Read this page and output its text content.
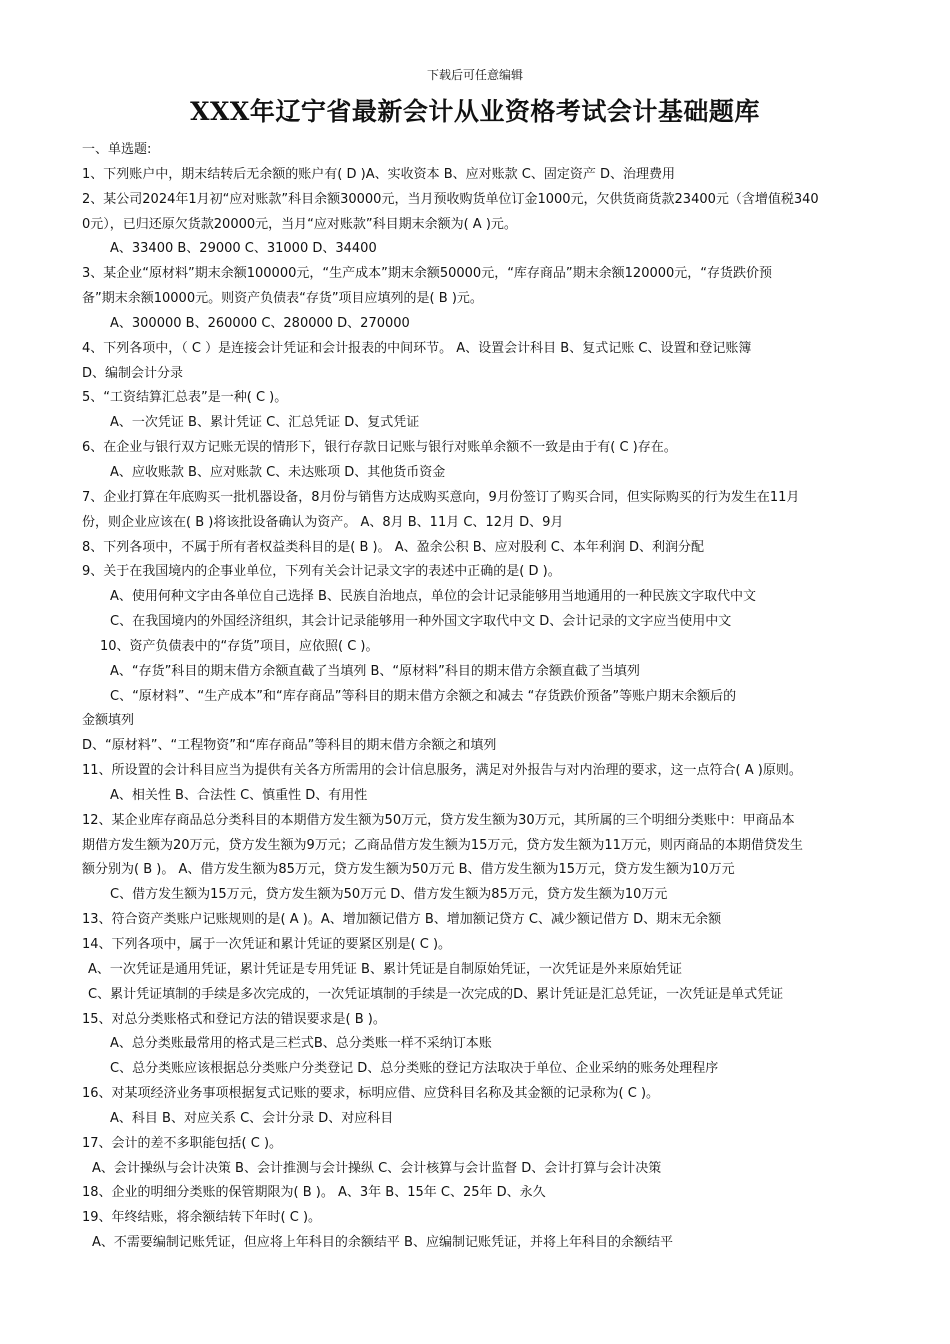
下载后可任意编辑
XXX年辽宁省最新会计从业资格考试会计基础题库
一、单选题:
1、下列账户中，期末结转后无余额的账户有( D )A、实收资本 B、应对账款 C、固定资产 D、治理费用
2、某公司2024年1月初“应对账款”科目余额30000元，当月预收购货单位订金1000元，欠供货商货款23400元（含增值税340
0元），已归还原欠货款20000元，当月“应对账款”科目期末余额为( A )元。
A、33400 B、29000 C、31000 D、34400
3、某企业“原材料”期末余额100000元，“生产成本”期末余额50000元，“库存商品”期末余额120000元，“存货跌价预
备”期末余额10000元。则资产负债表“存货”项目应填列的是( B )元。
A、300000 B、260000 C、280000 D、270000
4、下列各项中，（ C ）是连接会计凭证和会计报表的中间环节。 A、设置会计科目 B、复式记账 C、设置和登记账簿
D、编制会计分录
5、“工资结算汇总表”是一种( C )。
A、一次凭证 B、累计凭证 C、汇总凭证 D、复式凭证
6、在企业与银行双方记账无误的情形下，银行存款日记账与银行对账单余额不一致是由于有( C )存在。
A、应收账款 B、应对账款 C、未达账项 D、其他货币资金
7、企业打算在年底购买一批机器设备，8月份与销售方达成购买意向，9月份签订了购买合同，但实际购买的行为发生在11月
份，则企业应该在( B )将该批设备确认为资产。 A、8月 B、11月 C、12月 D、9月
8、下列各项中，不属于所有者权益类科目的是( B )。 A、盈余公积 B、应对股利 C、本年利润 D、利润分配
9、关于在我国境内的企事业单位，下列有关会计记录文字的表述中正确的是( D )。
A、使用何种文字由各单位自己选择 B、民族自治地点，单位的会计记录能够用当地通用的一种民族文字取代中文
C、在我国境内的外国经济组织，其会计记录能够用一种外国文字取代中文 D、会计记录的文字应当使用中文
10、资产负债表中的“存货”项目，应依照( C )。
A、“存货”科目的期末借方余额直截了当填列 B、“原材料”科目的期末借方余额直截了当填列
C、“原材料”、“生产成本”和“库存商品”等科目的期末借方余额之和减去 “存货跌价预备”等账户期末余额后的
金额填列
D、“原材料”、“工程物资”和“库存商品”等科目的期末借方余额之和填列
11、所设置的会计科目应当为提供有关各方所需用的会计信息服务，满足对外报告与对内治理的要求，这一点符合( A )原则。
A、相关性 B、合法性 C、慎重性 D、有用性
12、某企业库存商品总分类科目的本期借方发生额为50万元，贷方发生额为30万元，其所属的三个明细分类账中：甲商品本
期借方发生额为20万元，贷方发生额为9万元；乙商品借方发生额为15万元，贷方发生额为11万元，则丙商品的本期借贷发生
额分别为( B )。 A、借方发生额为85万元，贷方发生额为50万元 B、借方发生额为15万元，贷方发生额为10万元
C、借方发生额为15万元，贷方发生额为50万元 D、借方发生额为85万元，贷方发生额为10万元
13、符合资产类账户记账规则的是( A )。A、增加额记借方 B、增加额记贷方 C、减少额记借方 D、期末无余额
14、下列各项中，属于一次凭证和累计凭证的要紧区别是( C )。
A、一次凭证是通用凭证，累计凭证是专用凭证 B、累计凭证是自制原始凭证，一次凭证是外来原始凭证
C、累计凭证填制的手续是多次完成的，一次凭证填制的手续是一次完成的D、累计凭证是汇总凭证，一次凭证是单式凭证
15、对总分类账格式和登记方法的错误要求是( B )。
A、总分类账最常用的格式是三栏式B、总分类账一样不采纳订本账
C、总分类账应该根据总分类账户分类登记 D、总分类账的登记方法取决于单位、企业采纳的账务处理程序
16、对某项经济业务事项根据复式记账的要求，标明应借、应贷科目名称及其金额的记录称为( C )。
A、科目 B、对应关系 C、会计分录 D、对应科目
17、会计的差不多职能包括( C )。
A、会计操纵与会计决策 B、会计推测与会计操纵 C、会计核算与会计监督 D、会计打算与会计决策
18、企业的明细分类账的保管期限为( B )。 A、3年 B、15年 C、25年 D、永久
19、年终结账，将余额结转下年时( C )。
A、不需要编制记账凭证，但应将上年科目的余额结平 B、应编制记账凭证，并将上年科目的余额结平
